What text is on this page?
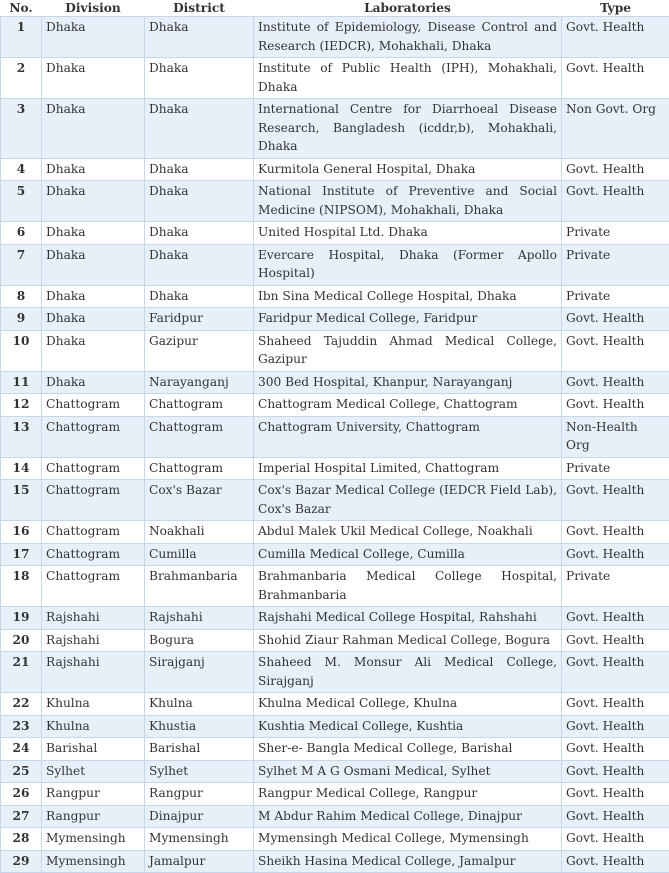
No.	Division	District	Laboratories	Type
1	Dhaka	Dhaka	Institute of Epidemiology, Disease Control and Research (IEDCR), Mohakhali, Dhaka	Govt. Health
2	Dhaka	Dhaka	Institute of Public Health (IPH), Mohakhali, Dhaka	Govt. Health
3	Dhaka	Dhaka	International Centre for Diarrhoeal Disease Research, Bangladesh (icddr,b), Mohakhali, Dhaka	Non Govt. Org
4	Dhaka	Dhaka	Kurmitola General Hospital, Dhaka	Govt. Health
5	Dhaka	Dhaka	National Institute of Preventive and Social Medicine (NIPSOM), Mohakhali, Dhaka	Govt. Health
6	Dhaka	Dhaka	United Hospital Ltd. Dhaka	Private
7	Dhaka	Dhaka	Evercare Hospital, Dhaka (Former Apollo Hospital)	Private
8	Dhaka	Dhaka	Ibn Sina Medical College Hospital, Dhaka	Private
9	Dhaka	Faridpur	Faridpur Medical College, Faridpur	Govt. Health
10	Dhaka	Gazipur	Shaheed Tajuddin Ahmad Medical College, Gazipur	Govt. Health
11	Dhaka	Narayanganj	300 Bed Hospital, Khanpur, Narayanganj	Govt. Health
12	Chattogram	Chattogram	Chattogram Medical College, Chattogram	Govt. Health
13	Chattogram	Chattogram	Chattogram University, Chattogram	Non-Health Org
14	Chattogram	Chattogram	Imperial Hospital Limited, Chattogram	Private
15	Chattogram	Cox's Bazar	Cox's Bazar Medical College (IEDCR Field Lab), Cox's Bazar	Govt. Health
16	Chattogram	Noakhali	Abdul Malek Ukil Medical College, Noakhali	Govt. Health
17	Chattogram	Cumilla	Cumilla Medical College, Cumilla	Govt. Health
18	Chattogram	Brahmanbaria	Brahmanbaria Medical College Hospital, Brahmanbaria	Private
19	Rajshahi	Rajshahi	Rajshahi Medical College Hospital, Rahshahi	Govt. Health
20	Rajshahi	Bogura	Shohid Ziaur Rahman Medical College, Bogura	Govt. Health
21	Rajshahi	Sirajganj	Shaheed M. Monsur Ali Medical College, Sirajganj	Govt. Health
22	Khulna	Khulna	Khulna Medical College, Khulna	Govt. Health
23	Khulna	Khustia	Kushtia Medical College, Kushtia	Govt. Health
24	Barishal	Barishal	Sher-e- Bangla Medical College, Barishal	Govt. Health
25	Sylhet	Sylhet	Sylhet M A G Osmani Medical, Sylhet	Govt. Health
26	Rangpur	Rangpur	Rangpur Medical College, Rangpur	Govt. Health
27	Rangpur	Dinajpur	M Abdur Rahim Medical College, Dinajpur	Govt. Health
28	Mymensingh	Mymensingh	Mymensingh Medical College, Mymensingh	Govt. Health
29	Mymensingh	Jamalpur	Sheikh Hasina Medical College, Jamalpur	Govt. Health
